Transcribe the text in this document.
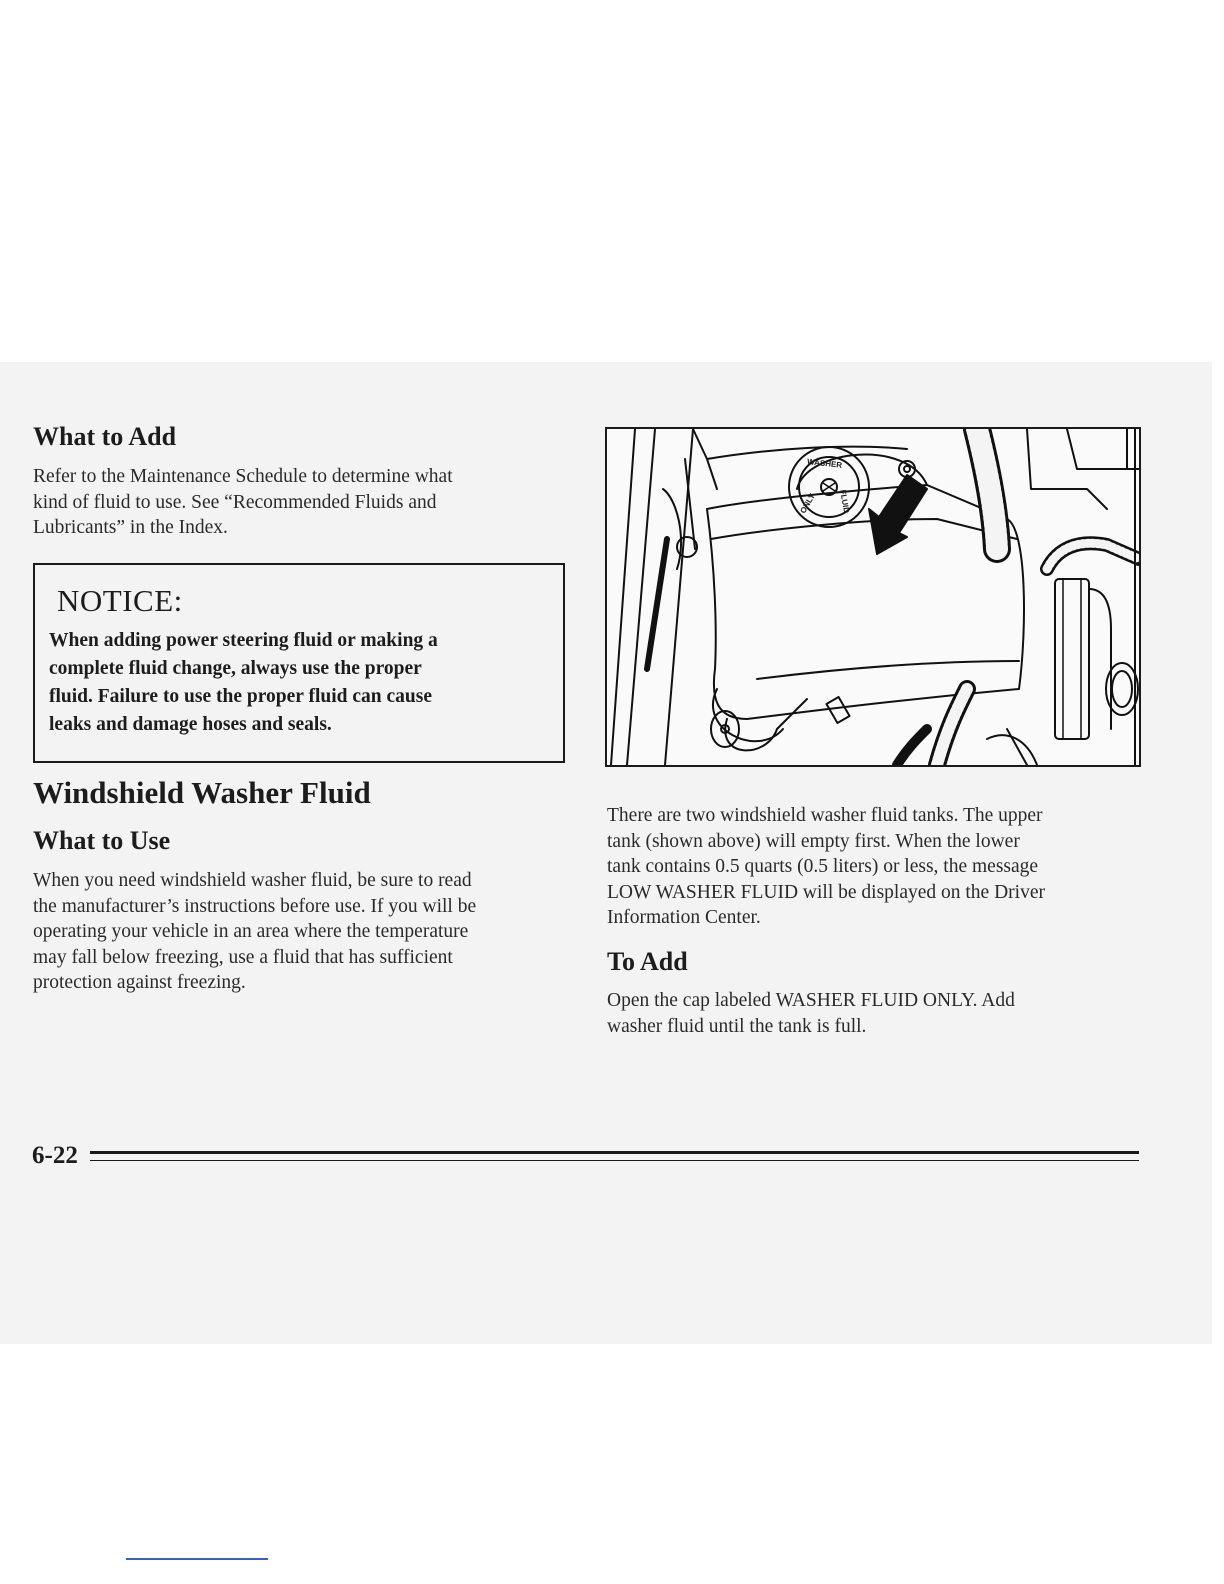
What to Add
Refer to the Maintenance Schedule to determine what
kind of fluid to use. See “Recommended Fluids and
Lubricants” in the Index.
NOTICE:
When adding power steering fluid or making a
complete fluid change, always use the proper
fluid. Failure to use the proper fluid can cause
leaks and damage hoses and seals.
Windshield Washer Fluid
What to Use
When you need windshield washer fluid, be sure to read
the manufacturer’s instructions before use. If you will be
operating your vehicle in an area where the temperature
may fall below freezing, use a fluid that has sufficient
protection against freezing.
WASHER
FLUID
ONLY
There are two windshield washer fluid tanks. The upper
tank (shown above) will empty first. When the lower
tank contains 0.5 quarts (0.5 liters) or less, the message
LOW WASHER FLUID will be displayed on the Driver
Information Center.
To Add
Open the cap labeled WASHER FLUID ONLY. Add
washer fluid until the tank is full.
6-22
